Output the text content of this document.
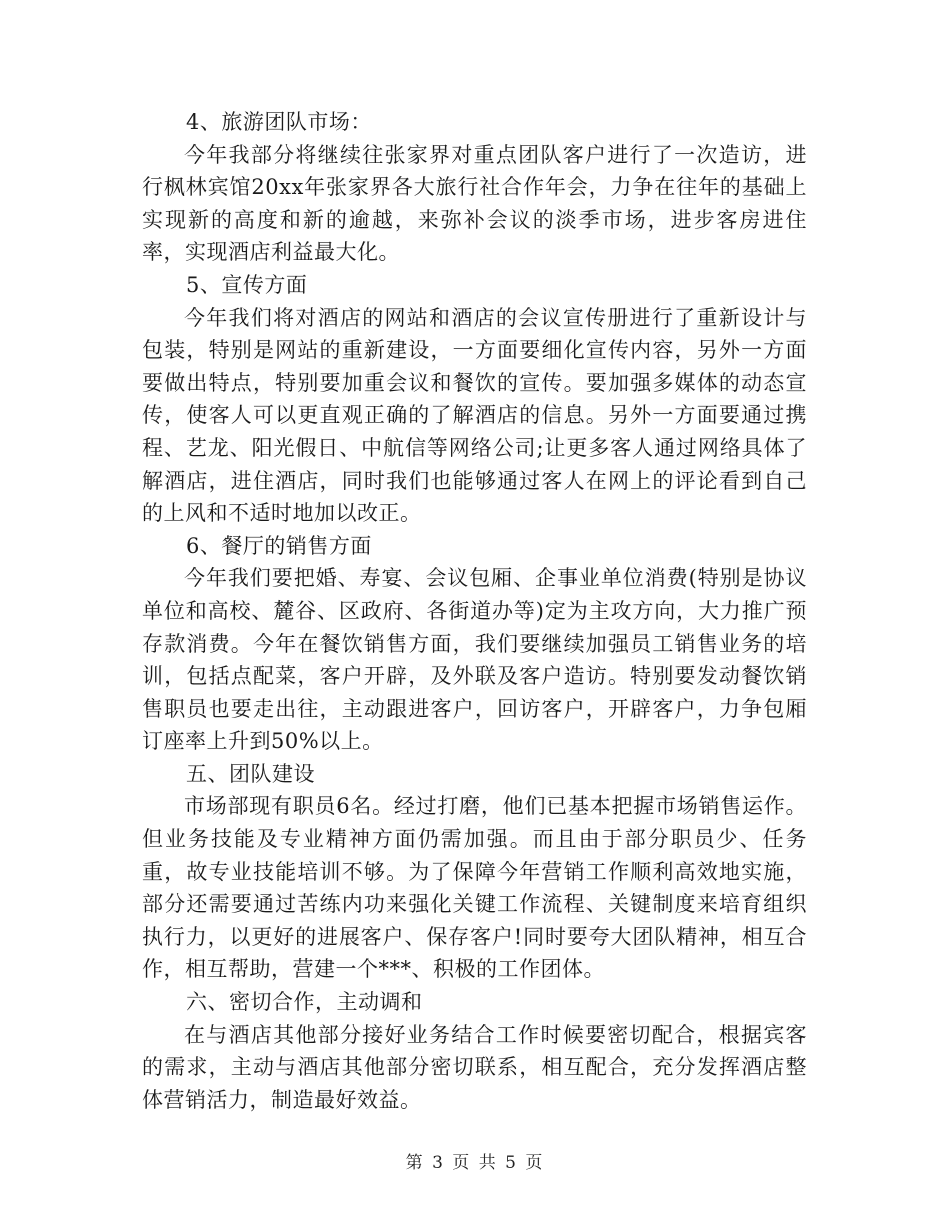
4、旅游团队市场：

今年我部分将继续往张家界对重点团队客户进行了一次造访，进行枫林宾馆20xx年张家界各大旅行社合作年会，力争在往年的基础上实现新的高度和新的逾越，来弥补会议的淡季市场，进步客房进住率，实现酒店利益最大化。

5、宣传方面

今年我们将对酒店的网站和酒店的会议宣传册进行了重新设计与包装，特别是网站的重新建设，一方面要细化宣传内容，另外一方面要做出特点，特别要加重会议和餐饮的宣传。要加强多媒体的动态宣传，使客人可以更直观正确的了解酒店的信息。另外一方面要通过携程、艺龙、阳光假日、中航信等网络公司;让更多客人通过网络具体了解酒店，进住酒店，同时我们也能够通过客人在网上的评论看到自己的上风和不适时地加以改正。

6、餐厅的销售方面

今年我们要把婚、寿宴、会议包厢、企事业单位消费(特别是协议单位和高校、麓谷、区政府、各街道办等)定为主攻方向，大力推广预存款消费。今年在餐饮销售方面，我们要继续加强员工销售业务的培训，包括点配菜，客户开辟，及外联及客户造访。特别要发动餐饮销售职员也要走出往，主动跟进客户，回访客户，开辟客户，力争包厢订座率上升到50%以上。

五、团队建设

市场部现有职员6名。经过打磨，他们已基本把握市场销售运作。但业务技能及专业精神方面仍需加强。而且由于部分职员少、任务重，故专业技能培训不够。为了保障今年营销工作顺利高效地实施，部分还需要通过苦练内功来强化关键工作流程、关键制度来培育组织执行力，以更好的进展客户、保存客户!同时要夸大团队精神，相互合作，相互帮助，营建一个***、积极的工作团体。

六、密切合作，主动调和

在与酒店其他部分接好业务结合工作时候要密切配合，根据宾客的需求，主动与酒店其他部分密切联系，相互配合，充分发挥酒店整体营销活力，制造最好效益。

第 3 页 共 5 页
